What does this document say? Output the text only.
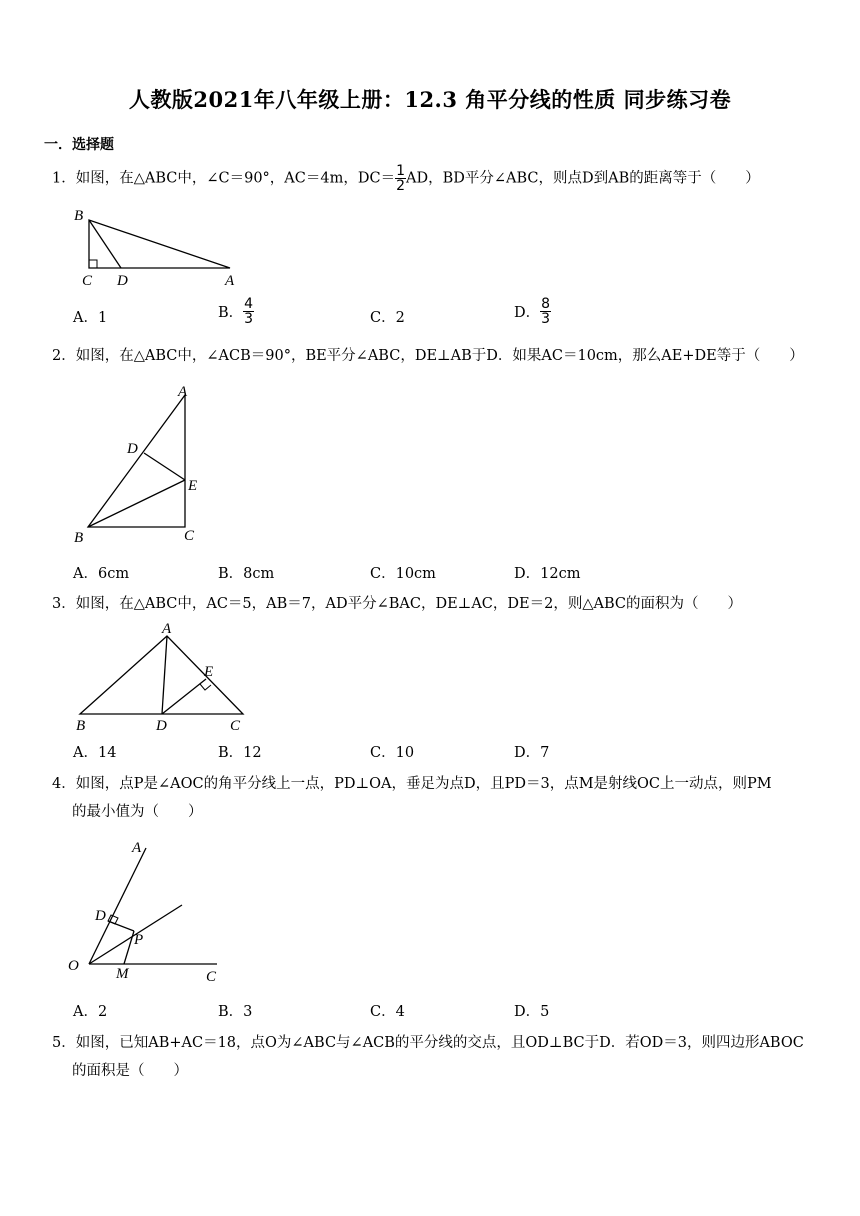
人教版2021年八年级上册：12.3 角平分线的性质 同步练习卷
一．选择题
1．如图，在△ABC中，∠C＝90°，AC＝4m，$DC= \frac{1}{2}$ AD，BD平分∠ABC，则点D到AB的距离等于（　　）
B
C D	A
A．1	B． $\frac{4}{3}$	C．2	D． $\frac{8}{3}$
2．如图，在△ABC中，∠ACB＝90°，BE平分∠ABC，DE⊥AB于D．如果AC＝10cm，那么AE+DE等于（　　）
A
D
E
B	C
A．6cm	B．8cm	C．10cm	D．12cm
3．如图，在△ABC中，AC＝5，AB＝7，AD平分∠BAC，DE⊥AC，DE＝2，则△ABC的面积为（　　）
A
E
B	D	C
A．14	B．12	C．10	D．7
4．如图，点P是∠AOC的角平分线上一点，PD⊥OA，垂足为点D，且PD＝3，点M是射线OC上一动点，则PM
的最小值为（　　）
A
D
P
O M	C
A．2	B．3	C．4	D．5
5．如图，已知AB+AC＝18，点O为∠ABC与∠ACB的平分线的交点，且OD⊥BC于D．若OD＝3，则四边形ABOC
的面积是（　　）
